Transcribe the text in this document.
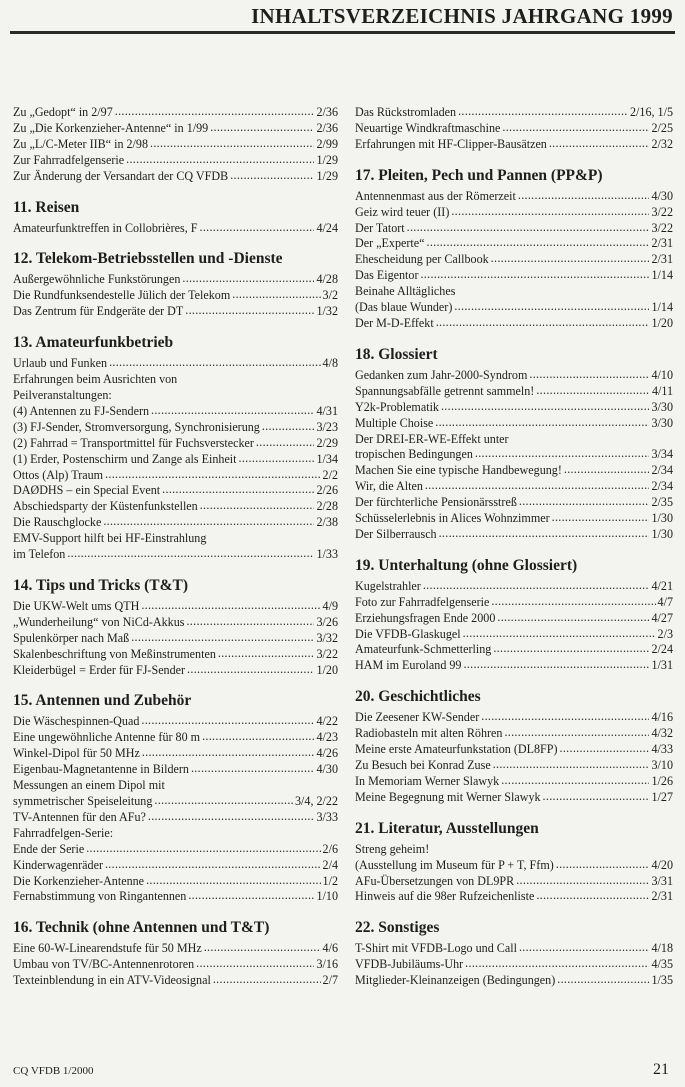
INHALTSVERZEICHNIS JAHRGANG 1999
Zu „Gedopt“ in 2/97 .....	2/36
Zu „Die Korkenzieher-Antenne“ in 1/99 .....	2/36
Zu „L/C-Meter IIB“ in 2/98 .....	2/99
Zur Fahrradfelgenserie .....	1/29
Zur Änderung der Versandart der CQ VFDB .....	1/29
11. Reisen
Amateurfunktreffen in Collobrières, F .....	4/24
12. Telekom-Betriebsstellen und -Dienste
Außergewöhnliche Funkstörungen .....	4/28
Die Rundfunksendestelle Jülich der Telekom .....	3/2
Das Zentrum für Endgeräte der DT .....	1/32
13. Amateurfunkbetrieb
Urlaub und Funken .....	4/8
Erfahrungen beim Ausrichten von
Peilveranstaltungen:
(4) Antennen zu FJ-Sendern .....	4/31
(3) FJ-Sender, Stromversorgung, Synchronisierung .....	3/23
(2) Fahrrad = Transportmittel für Fuchsverstecker .....	2/29
(1) Erder, Postenschirm und Zange als Einheit .....	1/34
Ottos (Alp) Traum .....	2/2
DAØDHS – ein Special Event .....	2/26
Abschiedsparty der Küstenfunkstellen .....	2/28
Die Rauschglocke .....	2/38
EMV-Support hilft bei HF-Einstrahlung
im Telefon .....	1/33
14. Tips und Tricks (T&T)
Die UKW-Welt ums QTH .....	4/9
„Wunderheilung“ von NiCd-Akkus .....	3/26
Spulenkörper nach Maß .....	3/32
Skalenbeschriftung von Meßinstrumenten .....	3/22
Kleiderbügel = Erder für FJ-Sender .....	1/20
15. Antennen und Zubehör
Die Wäschespinnen-Quad .....	4/22
Eine ungewöhnliche Antenne für 80 m .....	4/23
Winkel-Dipol für 50 MHz .....	4/26
Eigenbau-Magnetantenne in Bildern .....	4/30
Messungen an einem Dipol mit
symmetrischer Speiseleitung .....	3/4, 2/22
TV-Antennen für den AFu? .....	3/33
Fahrradfelgen-Serie:
Ende der Serie .....	2/6
Kinderwagenräder .....	2/4
Die Korkenzieher-Antenne .....	1/2
Fernabstimmung von Ringantennen .....	1/10
16. Technik (ohne Antennen und T&T)
Eine 60-W-Linearendstufe für 50 MHz .....	4/6
Umbau von TV/BC-Antennenrotoren .....	3/16
Texteinblendung in ein ATV-Videosignal .....	2/7
Das Rückstromladen .....	2/16, 1/5
Neuartige Windkraftmaschine .....	2/25
Erfahrungen mit HF-Clipper-Bausätzen .....	2/32
17. Pleiten, Pech und Pannen (PP&P)
Antennenmast aus der Römerzeit .....	4/30
Geiz wird teuer (II) .....	3/22
Der Tatort .....	3/22
Der „Experte“ .....	2/31
Ehescheidung per Callbook .....	2/31
Das Eigentor .....	1/14
Beinahe Alltägliches
(Das blaue Wunder) .....	1/14
Der M-D-Effekt .....	1/20
18. Glossiert
Gedanken zum Jahr-2000-Syndrom .....	4/10
Spannungsabfälle getrennt sammeln! .....	4/11
Y2k-Problematik .....	3/30
Multiple Choise .....	3/30
Der DREI-ER-WE-Effekt unter
tropischen Bedingungen .....	3/34
Machen Sie eine typische Handbewegung! .....	2/34
Wir, die Alten .....	2/34
Der fürchterliche Pensionärsstreß .....	2/35
Schüsselerlebnis in Alices Wohnzimmer .....	1/30
Der Silberrausch .....	1/30
19. Unterhaltung (ohne Glossiert)
Kugelstrahler .....	4/21
Foto zur Fahrradfelgenserie .....	4/7
Erziehungsfragen Ende 2000 .....	4/27
Die VFDB-Glaskugel .....	2/3
Amateurfunk-Schmetterling .....	2/24
HAM im Euroland 99 .....	1/31
20. Geschichtliches
Die Zeesener KW-Sender .....	4/16
Radiobasteln mit alten Röhren .....	4/32
Meine erste Amateurfunkstation (DL8FP) .....	4/33
Zu Besuch bei Konrad Zuse .....	3/10
In Memoriam Werner Slawyk .....	1/26
Meine Begegnung mit Werner Slawyk .....	1/27
21. Literatur, Ausstellungen
Streng geheim!
(Ausstellung im Museum für P + T, Ffm) .....	4/20
AFu-Übersetzungen von DL9PR .....	3/31
Hinweis auf die 98er Rufzeichenliste .....	2/31
22. Sonstiges
T-Shirt mit VFDB-Logo und Call .....	4/18
VFDB-Jubiläums-Uhr .....	4/35
Mitglieder-Kleinanzeigen (Bedingungen) .....	1/35
CQ VFDB 1/2000	21
